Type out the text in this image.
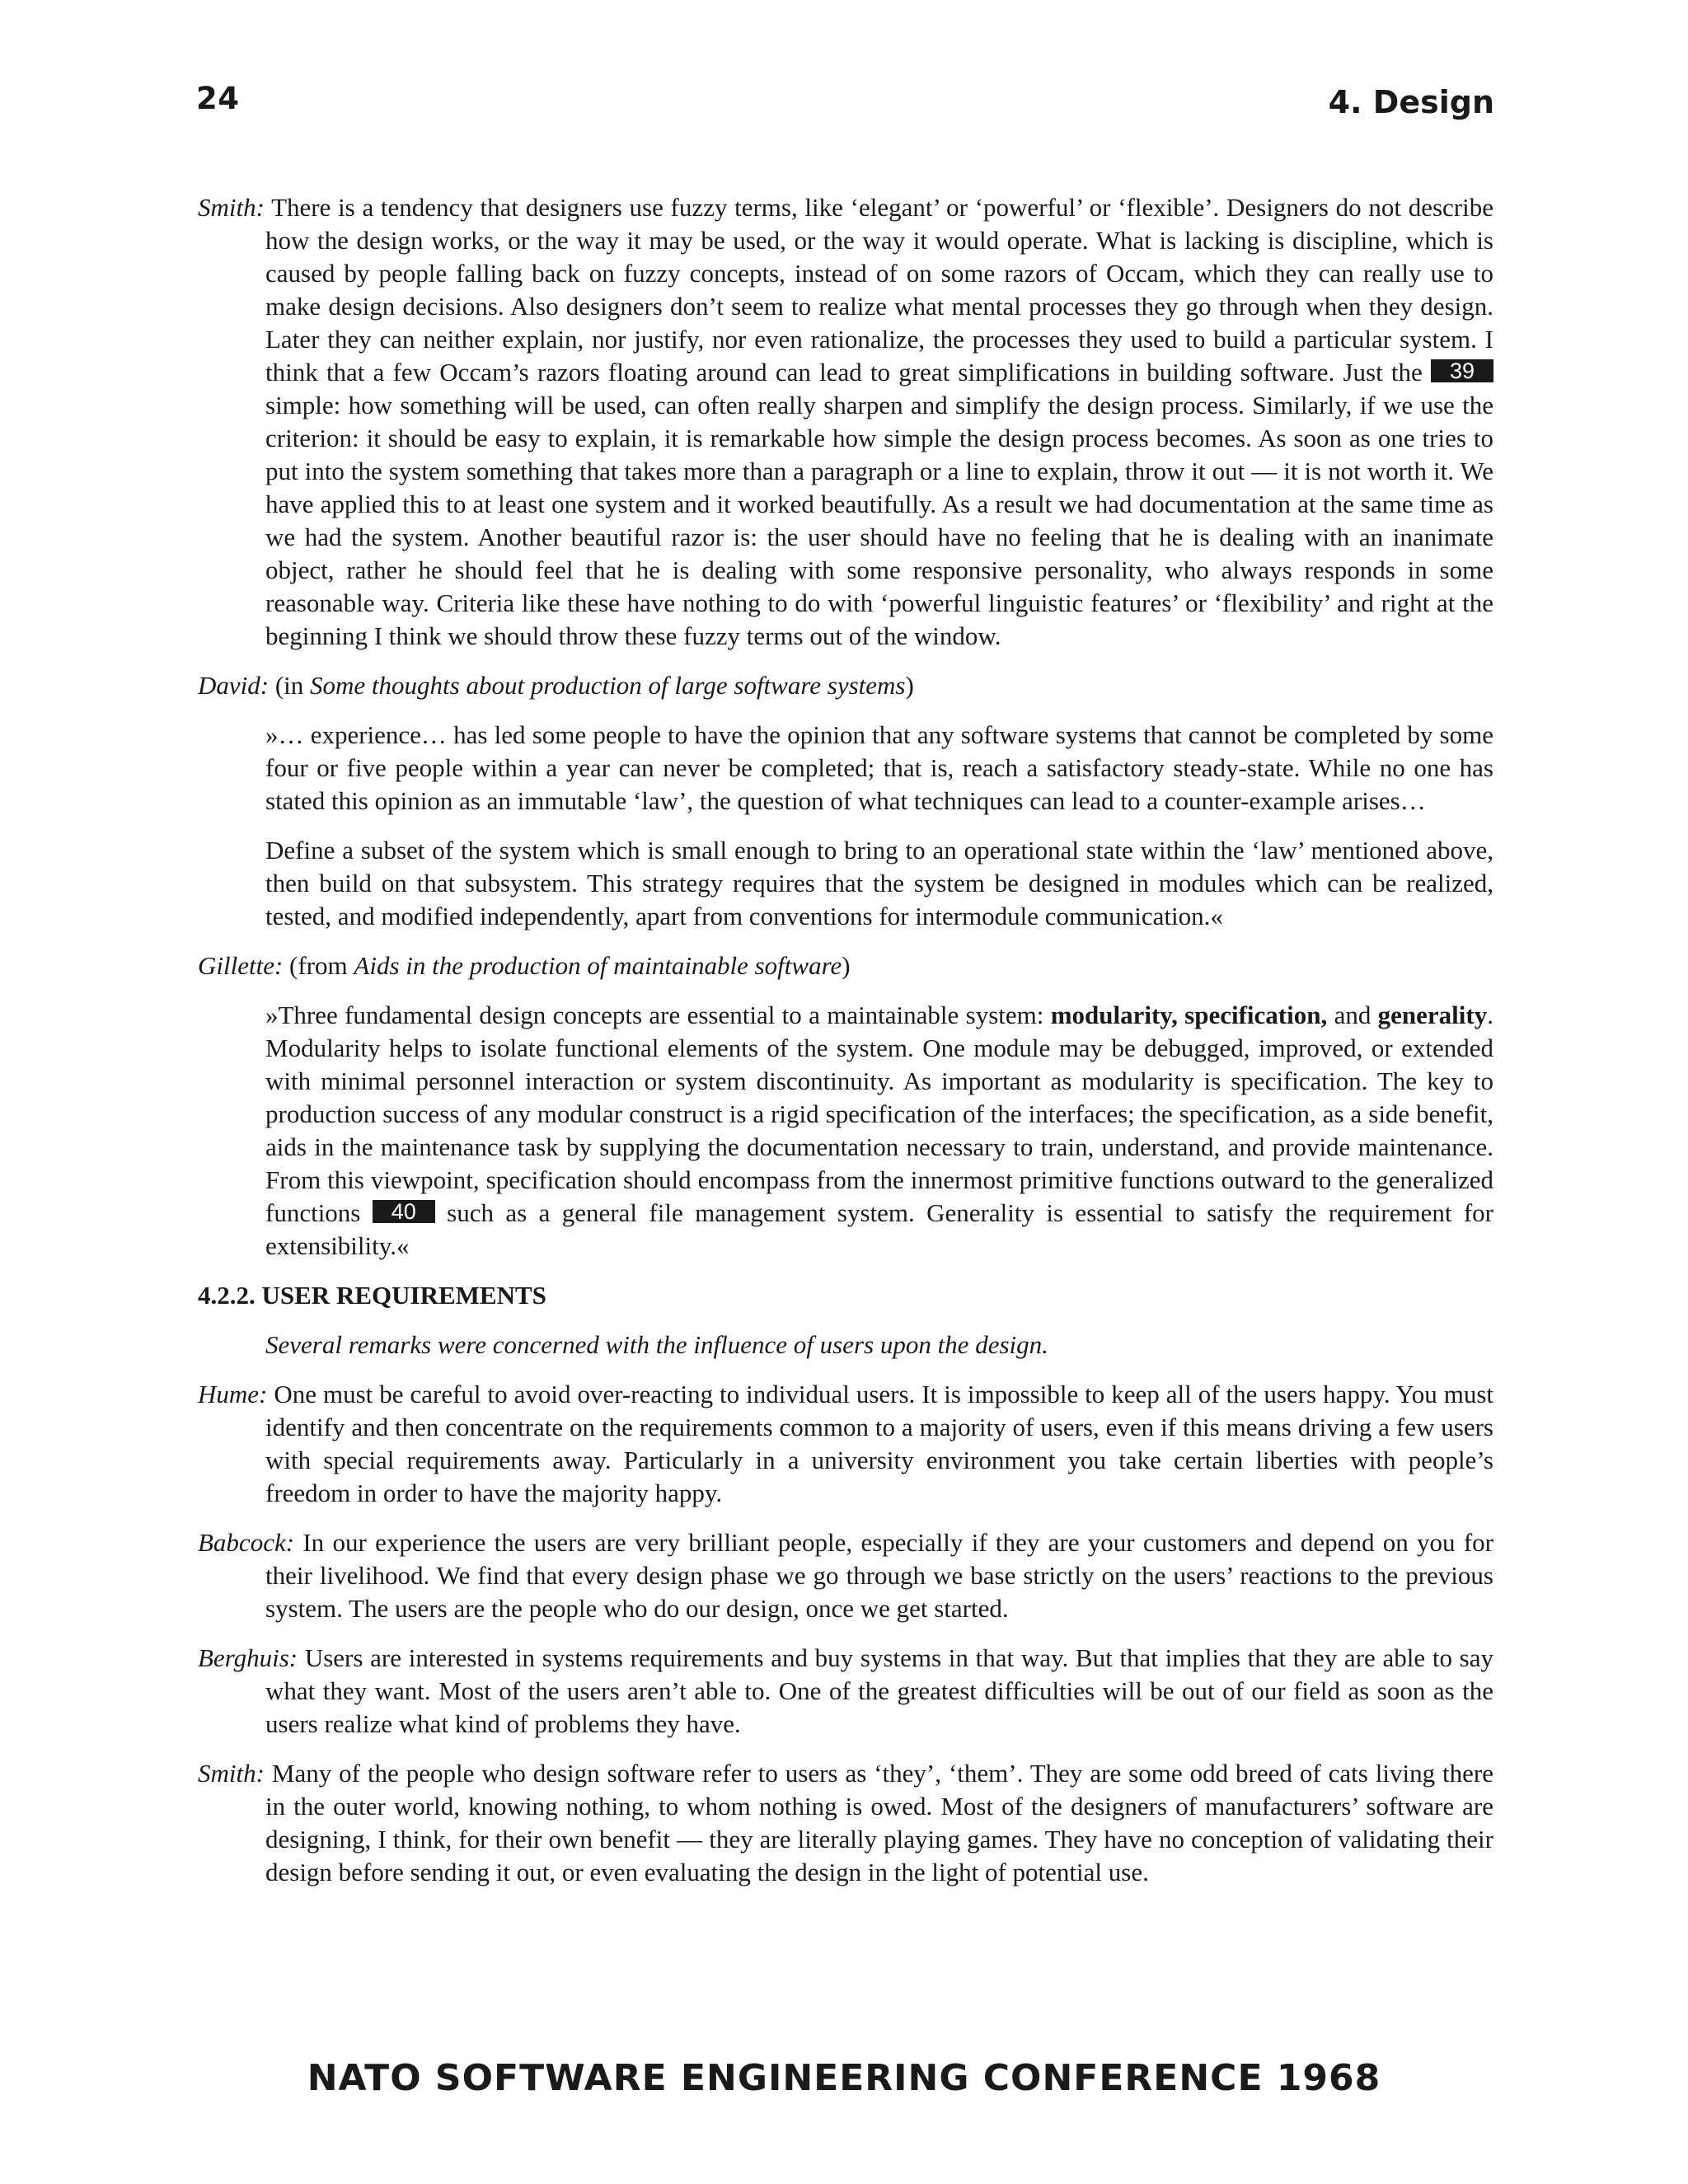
24	4. Design

Smith: There is a tendency that designers use fuzzy terms, like ‘elegant’ or ‘powerful’ or ‘flexible’. Designers do not describe how the design works, or the way it may be used, or the way it would operate. What is lacking is discipline, which is caused by people falling back on fuzzy concepts, instead of on some razors of Occam, which they can really use to make design decisions. Also designers don’t seem to realize what mental processes they go through when they design. Later they can neither explain, nor justify, nor even rationalize, the processes they used to build a particular system. I think that a few Occam’s razors floating around can lead to great simplifications in building software. Just the 39 simple: how something will be used, can often really sharpen and simplify the design process. Similarly, if we use the criterion: it should be easy to explain, it is remarkable how simple the design process becomes. As soon as one tries to put into the system something that takes more than a paragraph or a line to explain, throw it out — it is not worth it. We have applied this to at least one system and it worked beautifully. As a result we had documentation at the same time as we had the system. Another beautiful razor is: the user should have no feeling that he is dealing with an inanimate object, rather he should feel that he is dealing with some responsive personality, who always responds in some reasonable way. Criteria like these have nothing to do with ‘powerful linguistic features’ or ‘flexibility’ and right at the beginning I think we should throw these fuzzy terms out of the window.

David: (in Some thoughts about production of large software systems)

»… experience… has led some people to have the opinion that any software systems that cannot be completed by some four or five people within a year can never be completed; that is, reach a satisfactory steady-state. While no one has stated this opinion as an immutable ‘law’, the question of what techniques can lead to a counter-example arises…

Define a subset of the system which is small enough to bring to an operational state within the ‘law’ mentioned above, then build on that subsystem. This strategy requires that the system be designed in modules which can be realized, tested, and modified independently, apart from conventions for intermodule communication.«

Gillette: (from Aids in the production of maintainable software)

»Three fundamental design concepts are essential to a maintainable system: modularity, specification, and generality. Modularity helps to isolate functional elements of the system. One module may be debugged, improved, or extended with minimal personnel interaction or system discontinuity. As important as modularity is specification. The key to production success of any modular construct is a rigid specification of the interfaces; the specification, as a side benefit, aids in the maintenance task by supplying the documentation necessary to train, understand, and provide maintenance. From this viewpoint, specification should encompass from the innermost primitive functions outward to the generalized functions 40 such as a general file management system. Generality is essential to satisfy the requirement for extensibility.«

4.2.2. USER REQUIREMENTS

Several remarks were concerned with the influence of users upon the design.

Hume: One must be careful to avoid over-reacting to individual users. It is impossible to keep all of the users happy. You must identify and then concentrate on the requirements common to a majority of users, even if this means driving a few users with special requirements away. Particularly in a university environment you take certain liberties with people’s freedom in order to have the majority happy.

Babcock: In our experience the users are very brilliant people, especially if they are your customers and depend on you for their livelihood. We find that every design phase we go through we base strictly on the users’ reactions to the previous system. The users are the people who do our design, once we get started.

Berghuis: Users are interested in systems requirements and buy systems in that way. But that implies that they are able to say what they want. Most of the users aren’t able to. One of the greatest difficulties will be out of our field as soon as the users realize what kind of problems they have.

Smith: Many of the people who design software refer to users as ‘they’, ‘them’. They are some odd breed of cats living there in the outer world, knowing nothing, to whom nothing is owed. Most of the designers of manufacturers’ software are designing, I think, for their own benefit — they are literally playing games. They have no conception of validating their design before sending it out, or even evaluating the design in the light of potential use.

NATO SOFTWARE ENGINEERING CONFERENCE 1968
